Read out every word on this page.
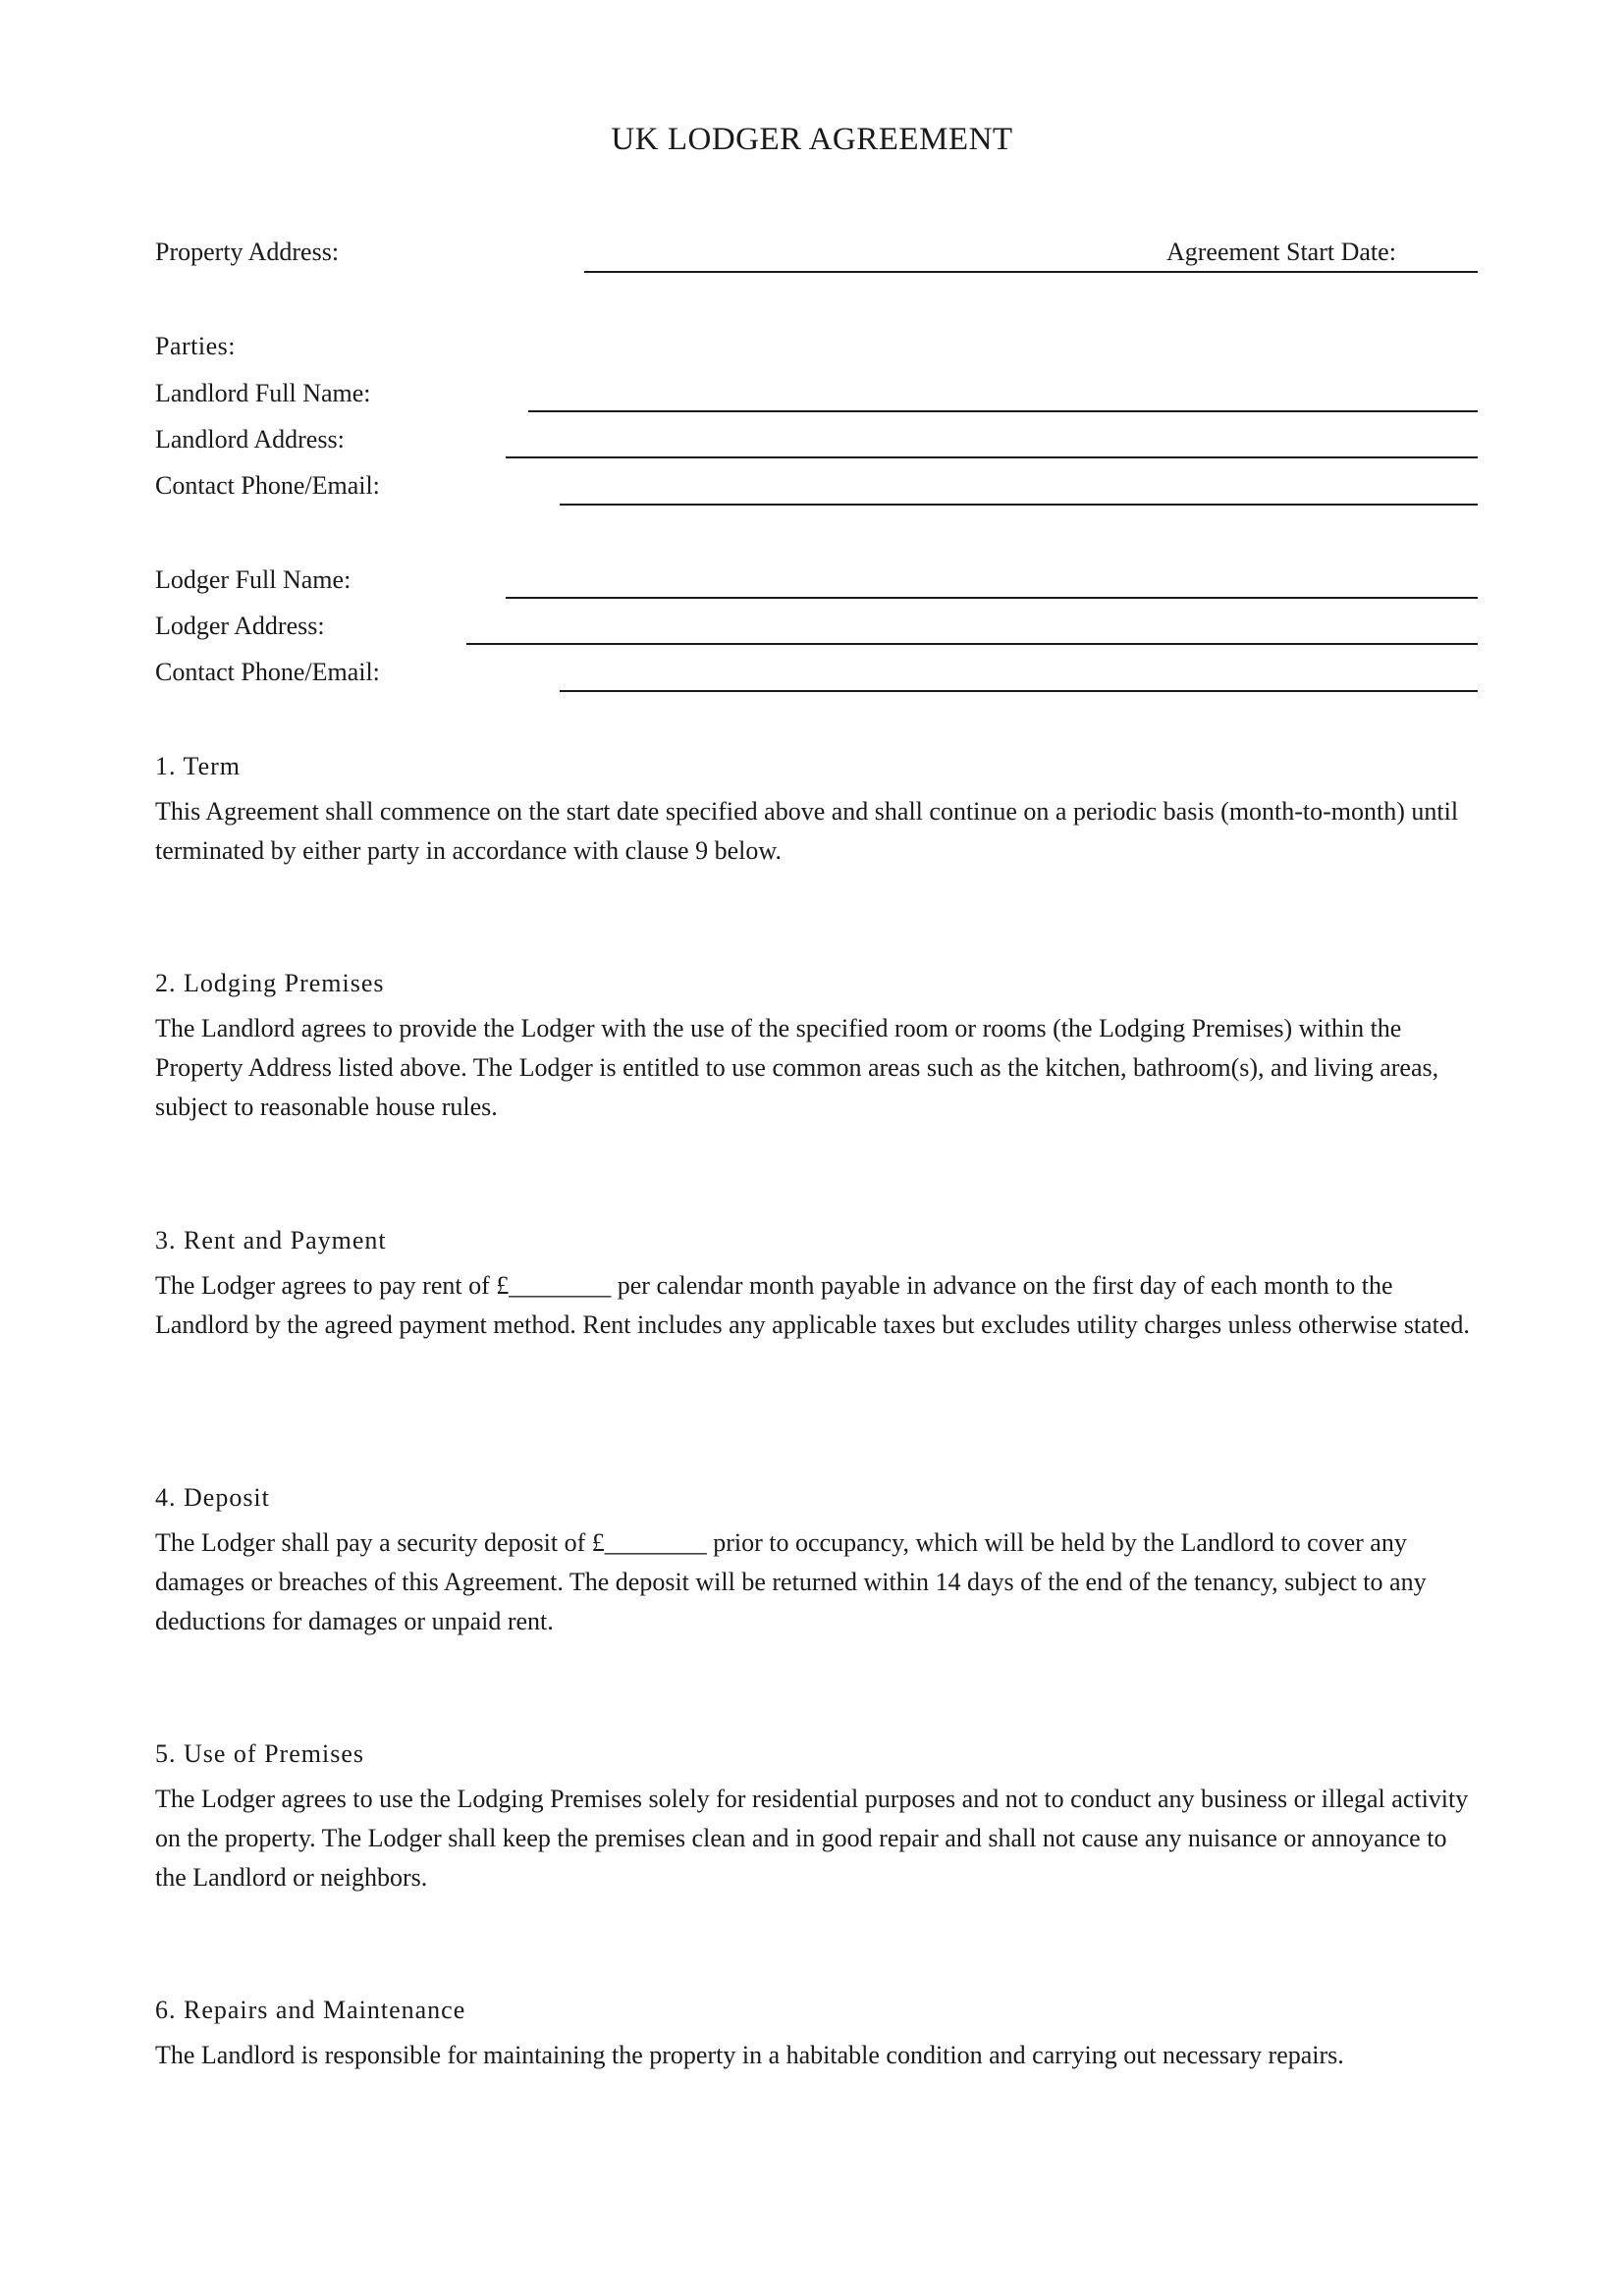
UK LODGER AGREEMENT
Property Address:	Agreement Start Date:
Parties:
Landlord Full Name:
Landlord Address:
Contact Phone/Email:
Lodger Full Name:
Lodger Address:
Contact Phone/Email:
1. Term
This Agreement shall commence on the start date specified above and shall continue on a periodic basis (month-to-month) until terminated by either party in accordance with clause 9 below.
2. Lodging Premises
The Landlord agrees to provide the Lodger with the use of the specified room or rooms (the Lodging Premises) within the Property Address listed above. The Lodger is entitled to use common areas such as the kitchen, bathroom(s), and living areas, subject to reasonable house rules.
3. Rent and Payment
The Lodger agrees to pay rent of £________ per calendar month payable in advance on the first day of each month to the Landlord by the agreed payment method. Rent includes any applicable taxes but excludes utility charges unless otherwise stated.
4. Deposit
The Lodger shall pay a security deposit of £________ prior to occupancy, which will be held by the Landlord to cover any damages or breaches of this Agreement. The deposit will be returned within 14 days of the end of the tenancy, subject to any deductions for damages or unpaid rent.
5. Use of Premises
The Lodger agrees to use the Lodging Premises solely for residential purposes and not to conduct any business or illegal activity on the property. The Lodger shall keep the premises clean and in good repair and shall not cause any nuisance or annoyance to the Landlord or neighbors.
6. Repairs and Maintenance
The Landlord is responsible for maintaining the property in a habitable condition and carrying out necessary repairs.
